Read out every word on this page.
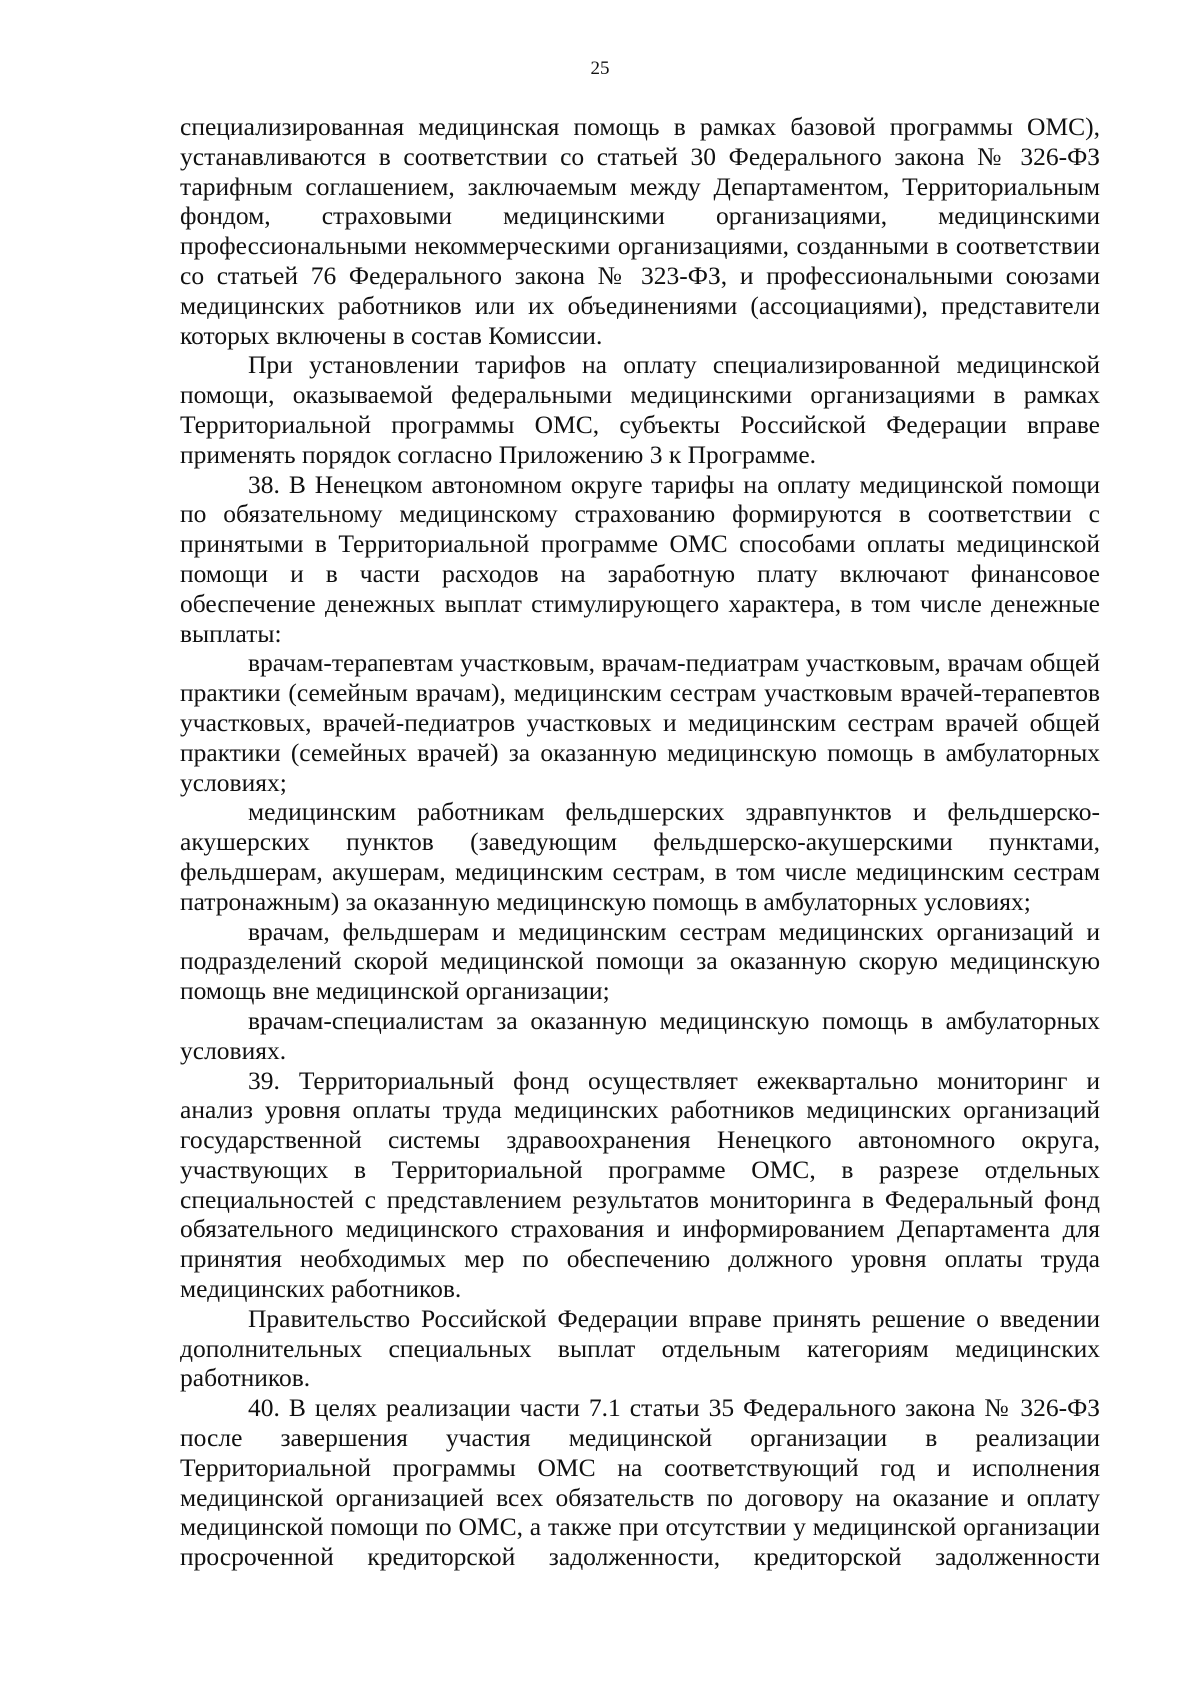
25

специализированная медицинская помощь в рамках базовой программы ОМС), устанавливаются в соответствии со статьей 30 Федерального закона № 326-ФЗ тарифным соглашением, заключаемым между Департаментом, Территориальным фондом, страховыми медицинскими организациями, медицинскими профессиональными некоммерческими организациями, созданными в соответствии со статьей 76 Федерального закона № 323-ФЗ, и профессиональными союзами медицинских работников или их объединениями (ассоциациями), представители которых включены в состав Комиссии.

При установлении тарифов на оплату специализированной медицинской помощи, оказываемой федеральными медицинскими организациями в рамках Территориальной программы ОМС, субъекты Российской Федерации вправе применять порядок согласно Приложению 3 к Программе.

38. В Ненецком автономном округе тарифы на оплату медицинской помощи по обязательному медицинскому страхованию формируются в соответствии с принятыми в Территориальной программе ОМС способами оплаты медицинской помощи и в части расходов на заработную плату включают финансовое обеспечение денежных выплат стимулирующего характера, в том числе денежные выплаты:

врачам-терапевтам участковым, врачам-педиатрам участковым, врачам общей практики (семейным врачам), медицинским сестрам участковым врачей-терапевтов участковых, врачей-педиатров участковых и медицинским сестрам врачей общей практики (семейных врачей) за оказанную медицинскую помощь в амбулаторных условиях;

медицинским работникам фельдшерских здравпунктов и фельдшерско-акушерских пунктов (заведующим фельдшерско-акушерскими пунктами, фельдшерам, акушерам, медицинским сестрам, в том числе медицинским сестрам патронажным) за оказанную медицинскую помощь в амбулаторных условиях;

врачам, фельдшерам и медицинским сестрам медицинских организаций и подразделений скорой медицинской помощи за оказанную скорую медицинскую помощь вне медицинской организации;

врачам-специалистам за оказанную медицинскую помощь в амбулаторных условиях.

39. Территориальный фонд осуществляет ежеквартально мониторинг и анализ уровня оплаты труда медицинских работников медицинских организаций государственной системы здравоохранения Ненецкого автономного округа, участвующих в Территориальной программе ОМС, в разрезе отдельных специальностей с представлением результатов мониторинга в Федеральный фонд обязательного медицинского страхования и информированием Департамента для принятия необходимых мер по обеспечению должного уровня оплаты труда медицинских работников.

Правительство Российской Федерации вправе принять решение о введении дополнительных специальных выплат отдельным категориям медицинских работников.

40. В целях реализации части 7.1 статьи 35 Федерального закона № 326-ФЗ после завершения участия медицинской организации в реализации Территориальной программы ОМС на соответствующий год и исполнения медицинской организацией всех обязательств по договору на оказание и оплату медицинской помощи по ОМС, а также при отсутствии у медицинской организации просроченной кредиторской задолженности, кредиторской задолженности
